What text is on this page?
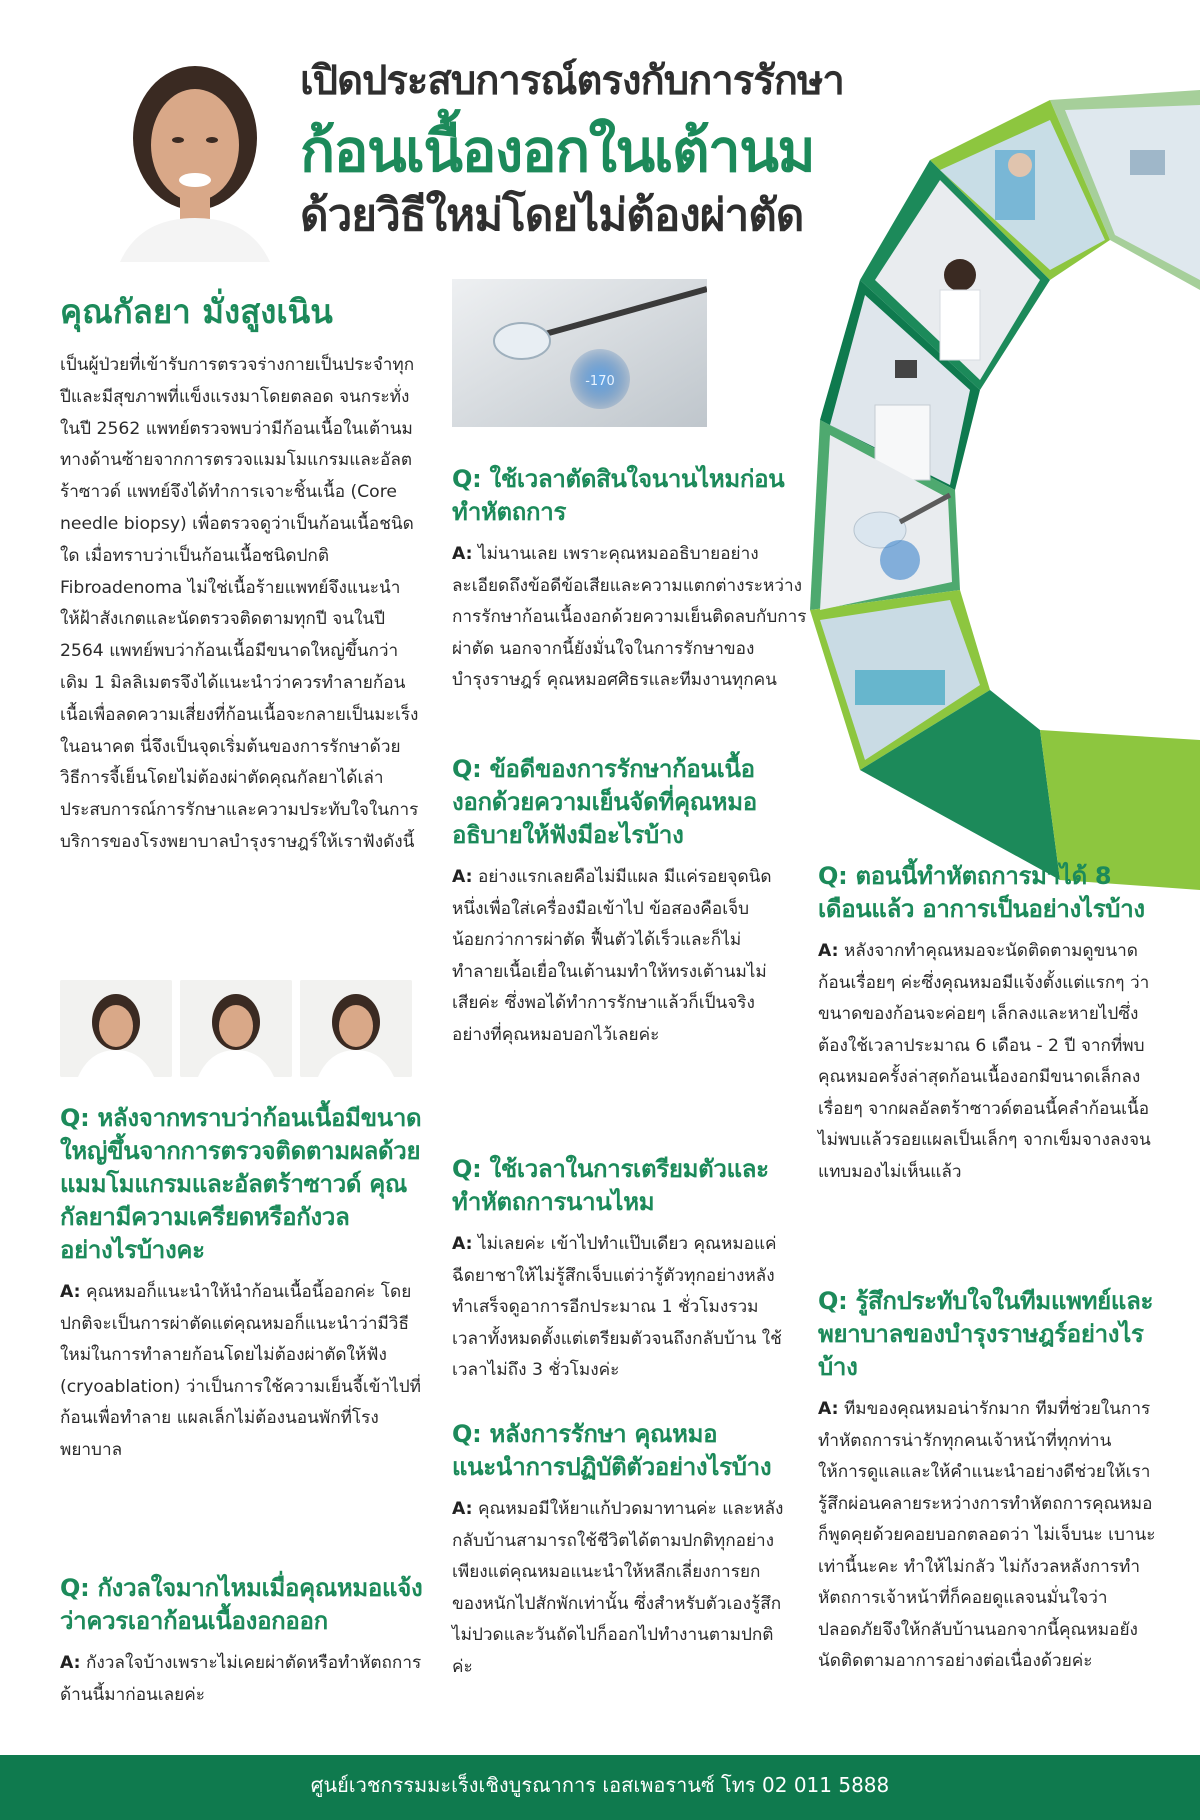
เปิดประสบการณ์ตรงกับการรักษา
ก้อนเนื้องอกในเต้านม
ด้วยวิธีใหม่โดยไม่ต้องผ่าตัด
คุณกัลยา มั่งสูงเนิน
เป็นผู้ป่วยที่เข้ารับการตรวจร่างกายเป็นประจำทุกปีและมีสุขภาพที่แข็งแรงมาโดยตลอด จนกระทั่งในปี 2562 แพทย์ตรวจพบว่ามีก้อนเนื้อในเต้านมทางด้านซ้ายจากการตรวจแมมโมแกรมและอัลตร้าซาวด์ แพทย์จึงได้ทำการเจาะชิ้นเนื้อ (Core needle biopsy) เพื่อตรวจดูว่าเป็นก้อนเนื้อชนิดใด เมื่อทราบว่าเป็นก้อนเนื้อชนิดปกติ Fibroadenoma ไม่ใช่เนื้อร้ายแพทย์จึงแนะนำให้ฝ้าสังเกตและนัดตรวจติดตามทุกปี จนในปี 2564 แพทย์พบว่าก้อนเนื้อมีขนาดใหญ่ขึ้นกว่าเดิม 1 มิลลิเมตรจึงได้แนะนำว่าควรทำลายก้อนเนื้อเพื่อลดความเสี่ยงที่ก้อนเนื้อจะกลายเป็นมะเร็งในอนาคต นี่จึงเป็นจุดเริ่มต้นของการรักษาด้วยวิธีการจี้เย็นโดยไม่ต้องผ่าตัดคุณกัลยาได้เล่าประสบการณ์การรักษาและความประทับใจในการบริการของโรงพยาบาลบำรุงราษฎร์ให้เราฟังดังนี้
Q: หลังจากทราบว่าก้อนเนื้อมีขนาดใหญ่ขึ้นจากการตรวจติดตามผลด้วยแมมโมแกรมและอัลตร้าซาวด์ คุณกัลยามีความเครียดหรือกังวลอย่างไรบ้างคะ
A: คุณหมอก็แนะนำให้นำก้อนเนื้อนี้ออกค่ะ โดยปกติจะเป็นการผ่าตัดแต่คุณหมอก็แนะนำว่ามีวิธีใหม่ในการทำลายก้อนโดยไม่ต้องผ่าตัดให้ฟัง (cryoablation) ว่าเป็นการใช้ความเย็นจี้เข้าไปที่ก้อนเพื่อทำลาย แผลเล็กไม่ต้องนอนพักที่โรงพยาบาล
Q: กังวลใจมากไหมเมื่อคุณหมอแจ้งว่าควรเอาก้อนเนื้องอกออก
A: กังวลใจบ้างเพราะไม่เคยผ่าตัดหรือทำหัตถการด้านนี้มาก่อนเลยค่ะ
-170
Q: ใช้เวลาตัดสินใจนานไหมก่อนทำหัตถการ
A: ไม่นานเลย เพราะคุณหมออธิบายอย่างละเอียดถึงข้อดีข้อเสียและความแตกต่างระหว่างการรักษาก้อนเนื้องอกด้วยความเย็นติดลบกับการผ่าตัด นอกจากนี้ยังมั่นใจในการรักษาของบำรุงราษฎร์ คุณหมอศศิธรและทีมงานทุกคน
Q: ข้อดีของการรักษาก้อนเนื้องอกด้วยความเย็นจัดที่คุณหมออธิบายให้ฟังมีอะไรบ้าง
A: อย่างแรกเลยคือไม่มีแผล มีแค่รอยจุดนิดหนึ่งเพื่อใส่เครื่องมือเข้าไป ข้อสองคือเจ็บน้อยกว่าการผ่าตัด ฟื้นตัวได้เร็วและก็ไม่ทำลายเนื้อเยื่อในเต้านมทำให้ทรงเต้านมไม่เสียค่ะ ซึ่งพอได้ทำการรักษาแล้วก็เป็นจริงอย่างที่คุณหมอบอกไว้เลยค่ะ
Q: ใช้เวลาในการเตรียมตัวและทำหัตถการนานไหม
A: ไม่เลยค่ะ เข้าไปทำแป๊บเดียว คุณหมอแค่ฉีดยาชาให้ไม่รู้สึกเจ็บแต่ว่ารู้ตัวทุกอย่างหลังทำเสร็จดูอาการอีกประมาณ 1 ชั่วโมงรวมเวลาทั้งหมดตั้งแต่เตรียมตัวจนถึงกลับบ้าน ใช้เวลาไม่ถึง 3 ชั่วโมงค่ะ
Q: หลังการรักษา คุณหมอแนะนำการปฏิบัติตัวอย่างไรบ้าง
A: คุณหมอมีให้ยาแก้ปวดมาทานค่ะ และหลังกลับบ้านสามารถใช้ชีวิตได้ตามปกติทุกอย่างเพียงแต่คุณหมอแนะนำให้หลีกเลี่ยงการยกของหนักไปสักพักเท่านั้น ซึ่งสำหรับตัวเองรู้สึกไม่ปวดและวันถัดไปก็ออกไปทำงานตามปกติค่ะ
Q: ตอนนี้ทำหัตถการมาได้ 8 เดือนแล้ว อาการเป็นอย่างไรบ้าง
A: หลังจากทำคุณหมอจะนัดติดตามดูขนาดก้อนเรื่อยๆ ค่ะซึ่งคุณหมอมีแจ้งตั้งแต่แรกๆ ว่าขนาดของก้อนจะค่อยๆ เล็กลงและหายไปซึ่งต้องใช้เวลาประมาณ 6 เดือน - 2 ปี จากที่พบคุณหมอครั้งล่าสุดก้อนเนื้องอกมีขนาดเล็กลงเรื่อยๆ จากผลอัลตร้าซาวด์ตอนนี้คลำก้อนเนื้อไม่พบแล้วรอยแผลเป็นเล็กๆ จากเข็มจางลงจนแทบมองไม่เห็นแล้ว
Q: รู้สึกประทับใจในทีมแพทย์และพยาบาลของบำรุงราษฎร์อย่างไรบ้าง
A: ทีมของคุณหมอน่ารักมาก ทีมที่ช่วยในการทำหัตถการน่ารักทุกคนเจ้าหน้าที่ทุกท่าน ให้การดูแลและให้คำแนะนำอย่างดีช่วยให้เรารู้สึกผ่อนคลายระหว่างการทำหัตถการคุณหมอก็พูดคุยด้วยคอยบอกตลอดว่า ไม่เจ็บนะ เบานะ เท่านี้นะคะ ทำให้ไม่กลัว ไม่กังวลหลังการทำหัตถการเจ้าหน้าที่ก็คอยดูแลจนมั่นใจว่าปลอดภัยจึงให้กลับบ้านนอกจากนี้คุณหมอยังนัดติดตามอาการอย่างต่อเนื่องด้วยค่ะ
ศูนย์เวชกรรมมะเร็งเชิงบูรณาการ เอสเพอรานซ์ โทร 02 011 5888
